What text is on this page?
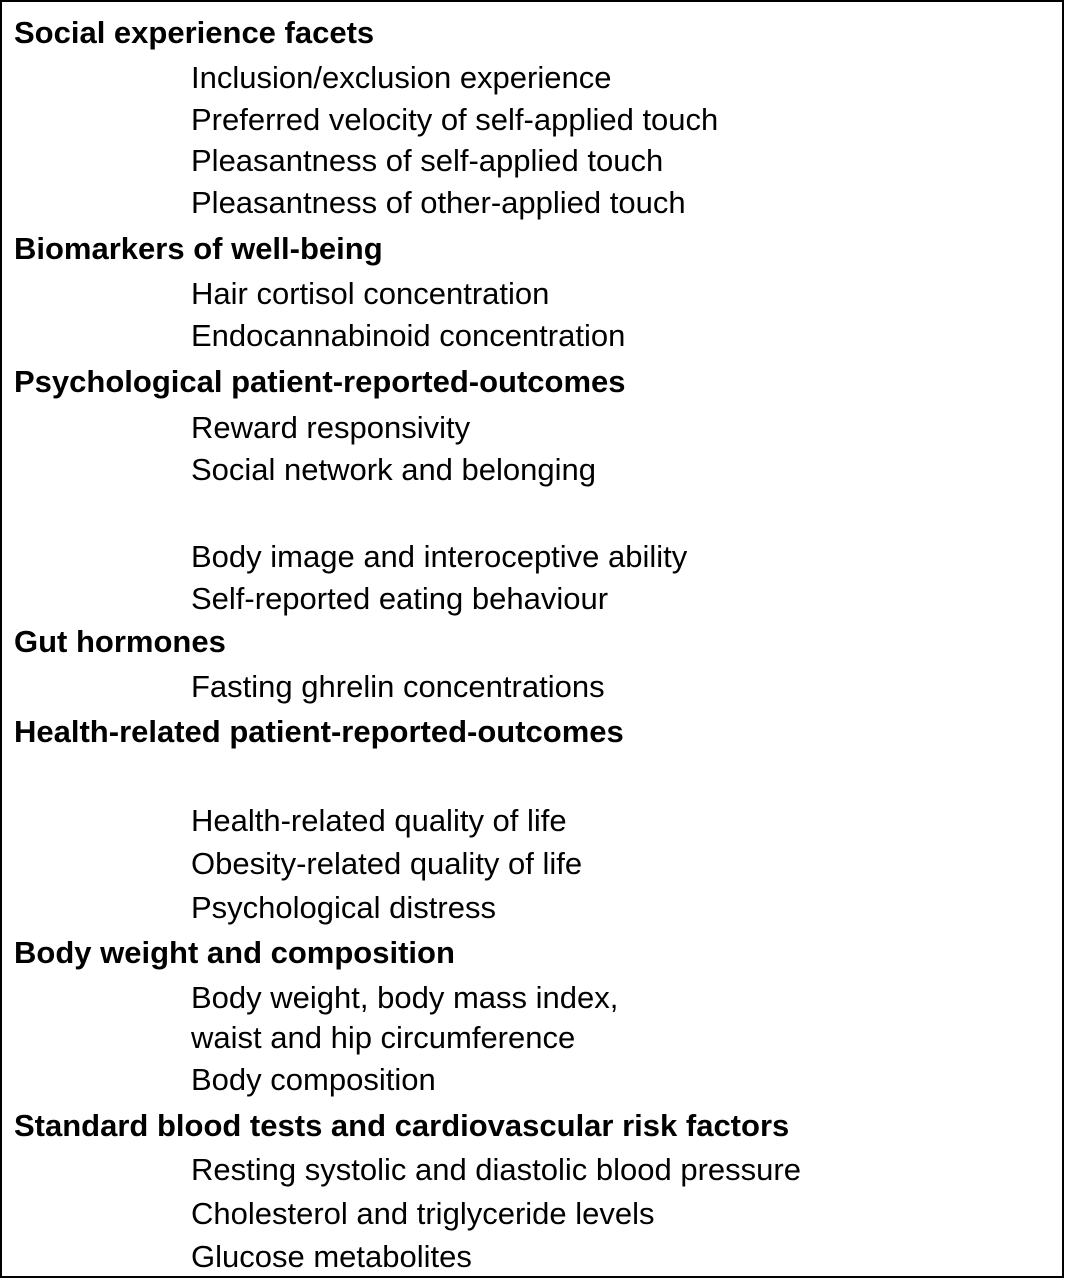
Social experience facets
Inclusion/exclusion experience
Preferred velocity of self-applied touch
Pleasantness of self-applied touch
Pleasantness of other-applied touch
Biomarkers of well-being
Hair cortisol concentration
Endocannabinoid concentration
Psychological patient-reported-outcomes
Reward responsivity
Social network and belonging
Body image and interoceptive ability
Self-reported eating behaviour
Gut hormones
Fasting ghrelin concentrations
Health-related patient-reported-outcomes
Health-related quality of life
Obesity-related quality of life
Psychological distress
Body weight and composition
Body weight, body mass index,
waist and hip circumference
Body composition
Standard blood tests and cardiovascular risk factors
Resting systolic and diastolic blood pressure
Cholesterol and triglyceride levels
Glucose metabolites
